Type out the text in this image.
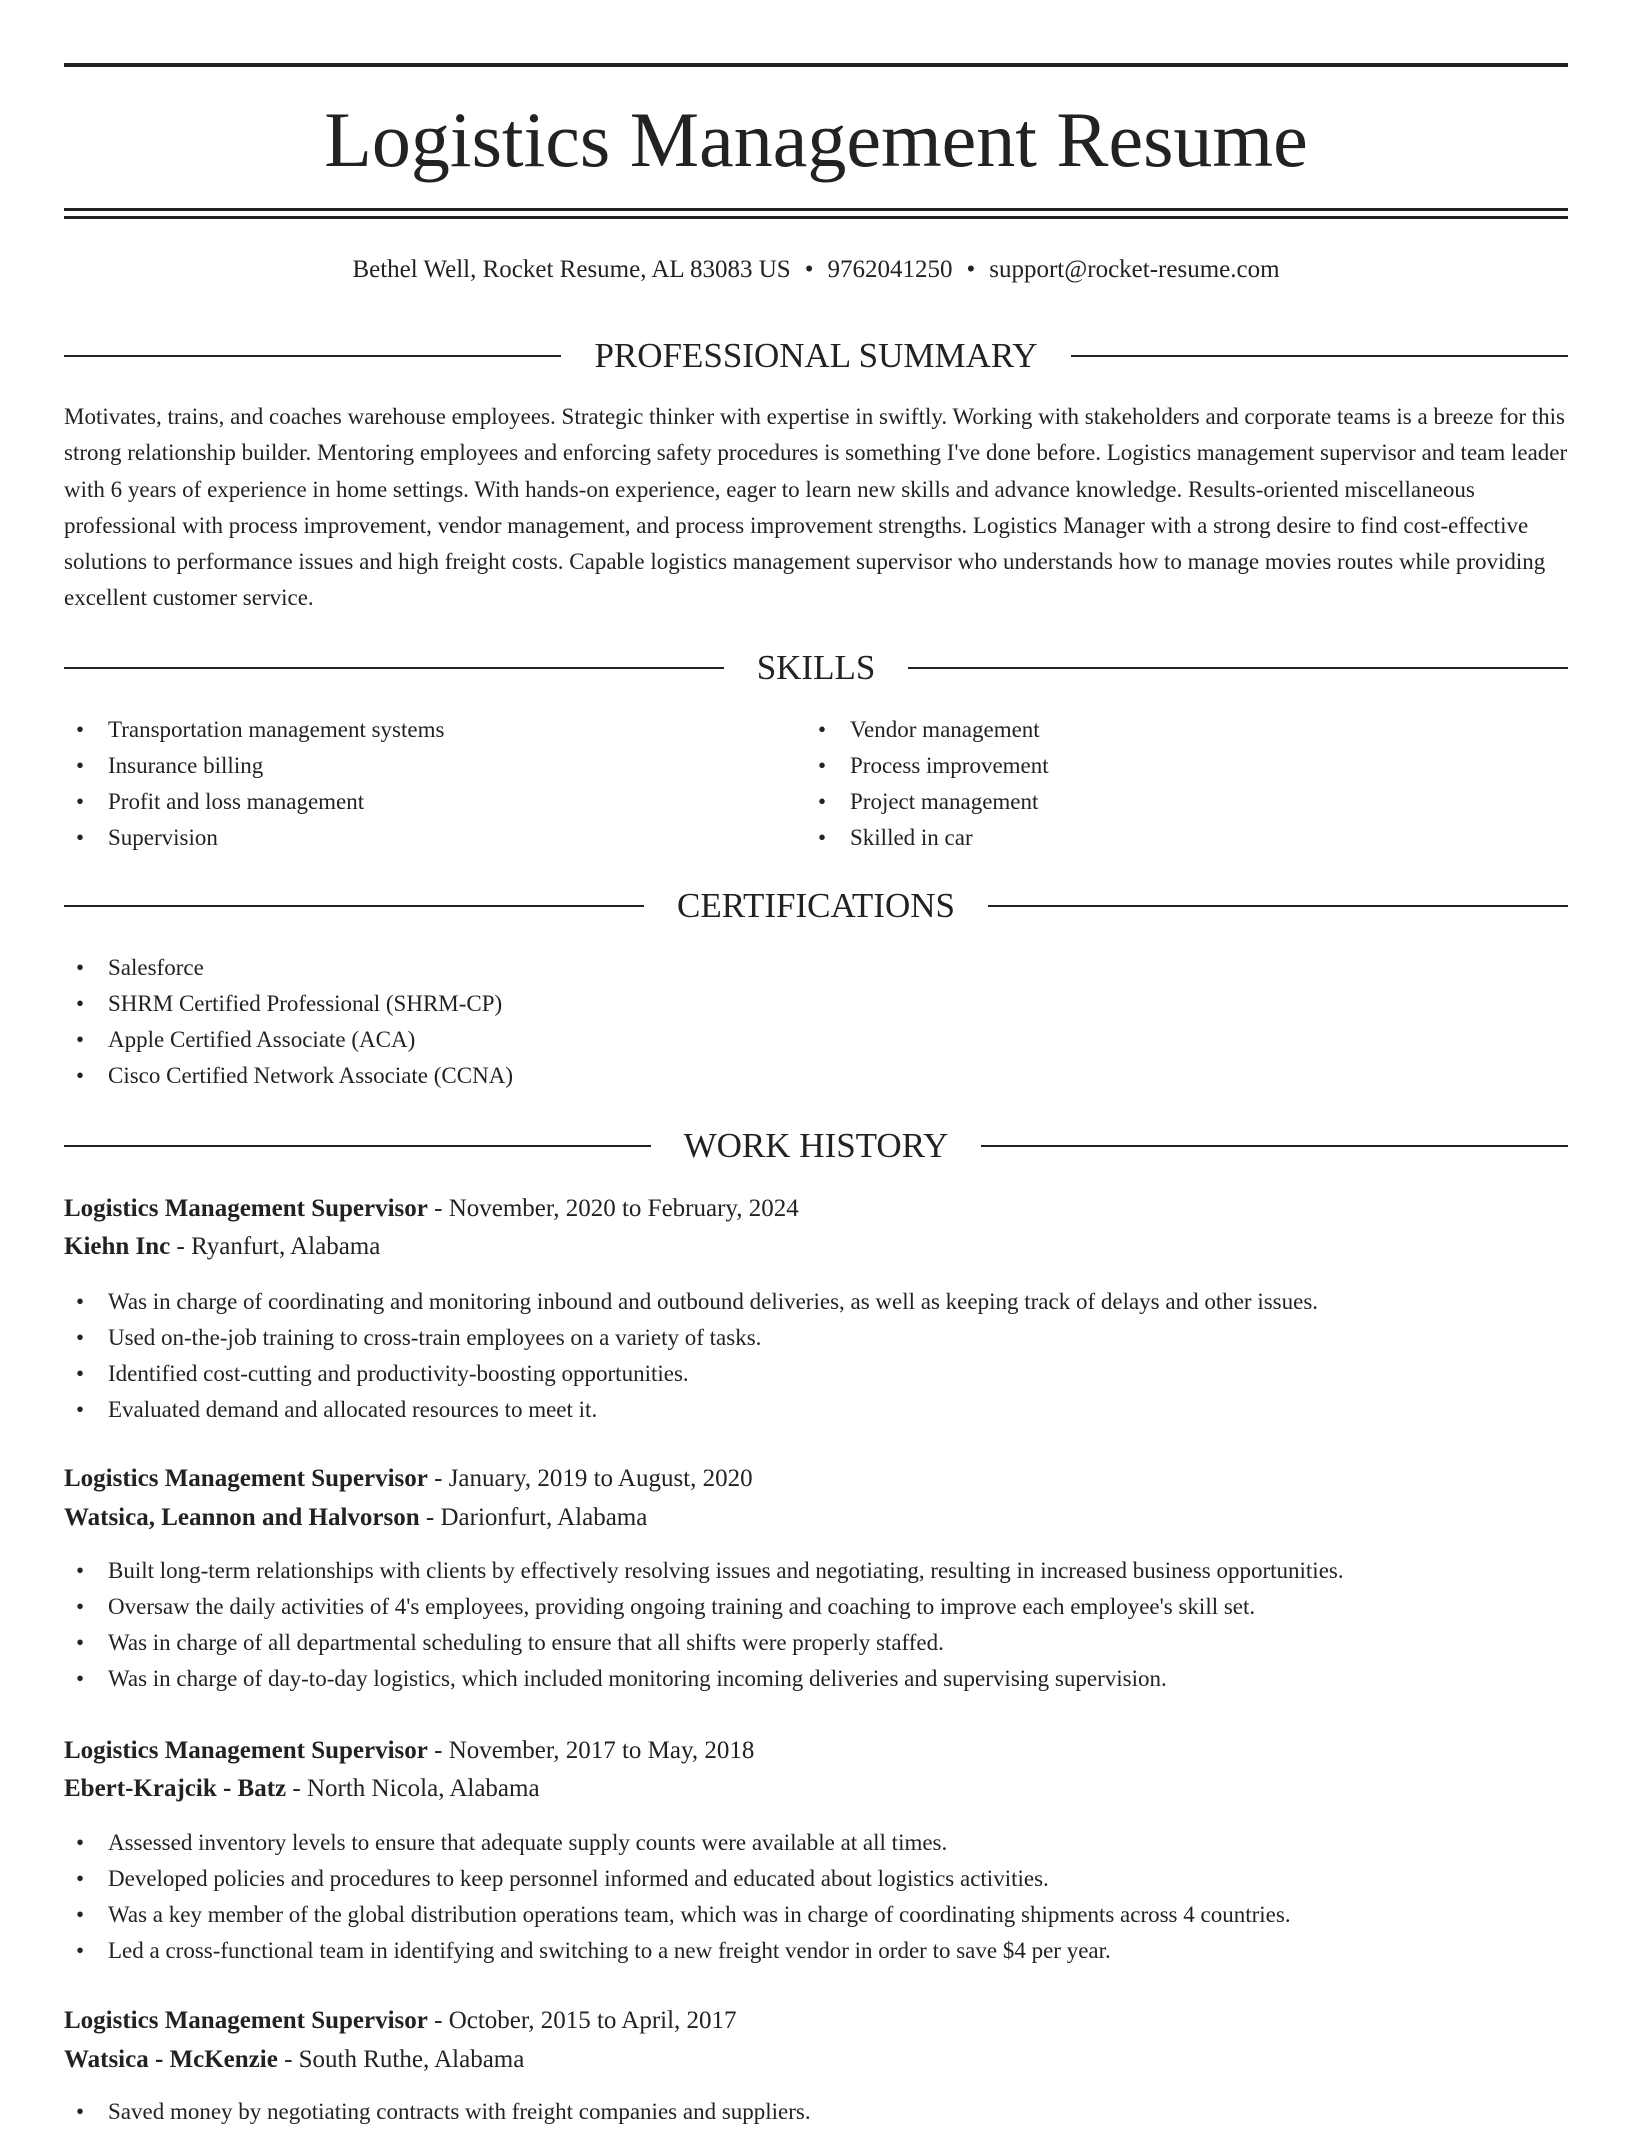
Logistics Management Resume
Bethel Well, Rocket Resume, AL 83083 US • 9762041250 • support@rocket-resume.com
PROFESSIONAL SUMMARY

Motivates, trains, and coaches warehouse employees. Strategic thinker with expertise in swiftly. Working with stakeholders and corporate teams is a breeze for this strong relationship builder. Mentoring employees and enforcing safety procedures is something I've done before. Logistics management supervisor and team leader with 6 years of experience in home settings. With hands-on experience, eager to learn new skills and advance knowledge. Results-oriented miscellaneous professional with process improvement, vendor management, and process improvement strengths. Logistics Manager with a strong desire to find cost-effective solutions to performance issues and high freight costs. Capable logistics management supervisor who understands how to manage movies routes while providing excellent customer service.

SKILLS
• Transportation management systems
• Insurance billing
• Profit and loss management
• Supervision
• Vendor management
• Process improvement
• Project management
• Skilled in car
CERTIFICATIONS
• Salesforce
• SHRM Certified Professional (SHRM-CP)
• Apple Certified Associate (ACA)
• Cisco Certified Network Associate (CCNA)
WORK HISTORY
Logistics Management Supervisor - November, 2020 to February, 2024
Kiehn Inc - Ryanfurt, Alabama
• Was in charge of coordinating and monitoring inbound and outbound deliveries, as well as keeping track of delays and other issues.
• Used on-the-job training to cross-train employees on a variety of tasks.
• Identified cost-cutting and productivity-boosting opportunities.
• Evaluated demand and allocated resources to meet it.
Logistics Management Supervisor - January, 2019 to August, 2020
Watsica, Leannon and Halvorson - Darionfurt, Alabama
• Built long-term relationships with clients by effectively resolving issues and negotiating, resulting in increased business opportunities.
• Oversaw the daily activities of 4's employees, providing ongoing training and coaching to improve each employee's skill set.
• Was in charge of all departmental scheduling to ensure that all shifts were properly staffed.
• Was in charge of day-to-day logistics, which included monitoring incoming deliveries and supervising supervision.
Logistics Management Supervisor - November, 2017 to May, 2018
Ebert-Krajcik - Batz - North Nicola, Alabama
• Assessed inventory levels to ensure that adequate supply counts were available at all times.
• Developed policies and procedures to keep personnel informed and educated about logistics activities.
• Was a key member of the global distribution operations team, which was in charge of coordinating shipments across 4 countries.
• Led a cross-functional team in identifying and switching to a new freight vendor in order to save $4 per year.
Logistics Management Supervisor - October, 2015 to April, 2017
Watsica - McKenzie - South Ruthe, Alabama
• Saved money by negotiating contracts with freight companies and suppliers.
